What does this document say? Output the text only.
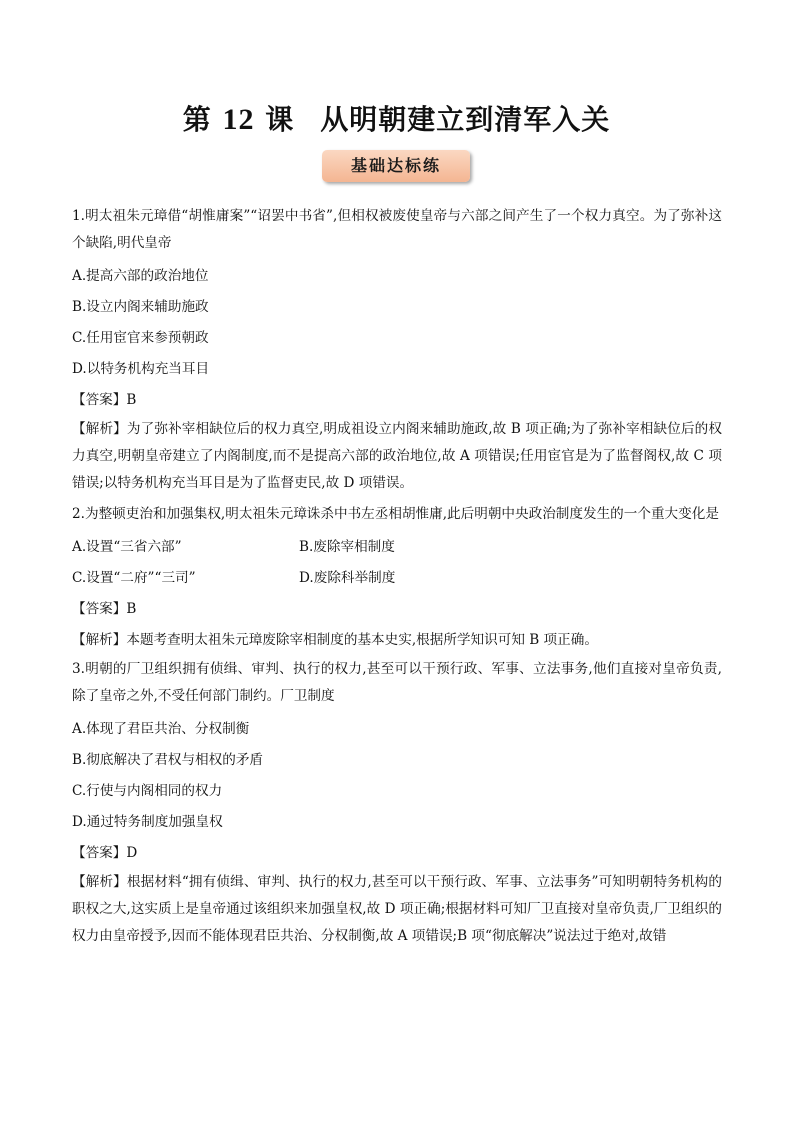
第 12 课 从明朝建立到清军入关
基础达标练

1.明太祖朱元璋借“胡惟庸案”“诏罢中书省”,但相权被废使皇帝与六部之间产生了一个权力真空。为了弥补这个缺陷,明代皇帝

A.提高六部的政治地位

B.设立内阁来辅助施政

C.任用宦官来参预朝政

D.以特务机构充当耳目

【答案】B

【解析】为了弥补宰相缺位后的权力真空,明成祖设立内阁来辅助施政,故 B 项正确;为了弥补宰相缺位后的权力真空,明朝皇帝建立了内阁制度,而不是提高六部的政治地位,故 A 项错误;任用宦官是为了监督阁权,故 C 项错误;以特务机构充当耳目是为了监督吏民,故 D 项错误。

2.为整顿吏治和加强集权,明太祖朱元璋诛杀中书左丞相胡惟庸,此后明朝中央政治制度发生的一个重大变化是

A.设置“三省六部”	B.废除宰相制度

C.设置“二府”“三司”	D.废除科举制度

【答案】B

【解析】本题考查明太祖朱元璋废除宰相制度的基本史实,根据所学知识可知 B 项正确。

3.明朝的厂卫组织拥有侦缉、审判、执行的权力,甚至可以干预行政、军事、立法事务,他们直接对皇帝负责,除了皇帝之外,不受任何部门制约。厂卫制度

A.体现了君臣共治、分权制衡

B.彻底解决了君权与相权的矛盾

C.行使与内阁相同的权力

D.通过特务制度加强皇权

【答案】D

【解析】根据材料“拥有侦缉、审判、执行的权力,甚至可以干预行政、军事、立法事务”可知明朝特务机构的职权之大,这实质上是皇帝通过该组织来加强皇权,故 D 项正确;根据材料可知厂卫直接对皇帝负责,厂卫组织的权力由皇帝授予,因而不能体现君臣共治、分权制衡,故 A 项错误;B 项“彻底解决”说法过于绝对,故错
